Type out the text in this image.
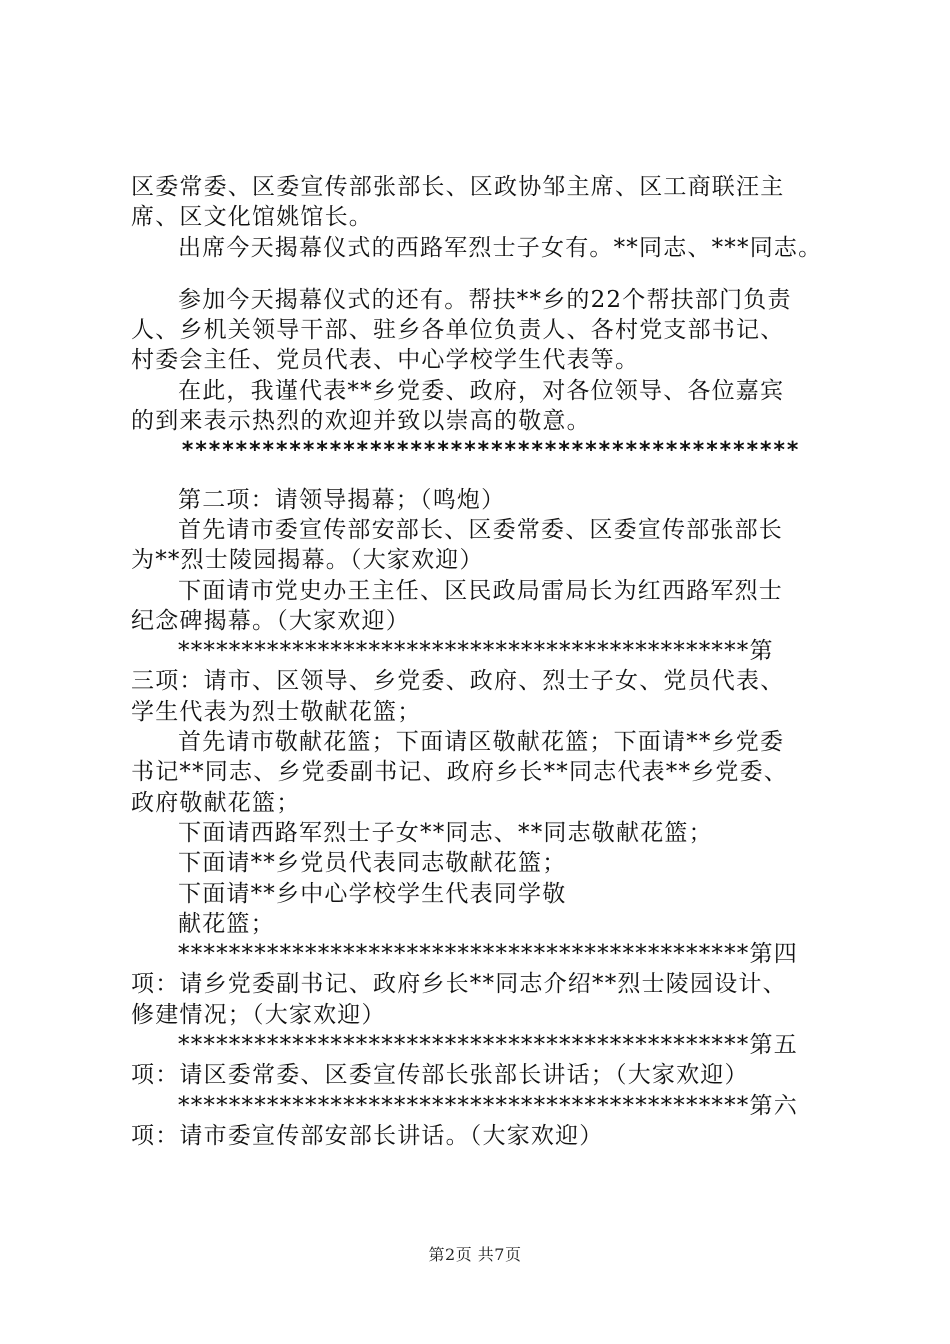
区委常委、区委宣传部张部长、区政协邹主席、区工商联汪主
席、区文化馆姚馆长。
出席今天揭幕仪式的西路军烈士子女有。**同志、***同志。
参加今天揭幕仪式的还有。帮扶**乡的22个帮扶部门负责
人、乡机关领导干部、驻乡各单位负责人、各村党支部书记、
村委会主任、党员代表、中心学校学生代表等。
在此，我谨代表**乡党委、政府，对各位领导、各位嘉宾
的到来表示热烈的欢迎并致以崇高的敬意。
**********************************************
第二项：请领导揭幕；（鸣炮）
首先请市委宣传部安部长、区委常委、区委宣传部张部长
为**烈士陵园揭幕。（大家欢迎）
下面请市党史办王主任、区民政局雷局长为红西路军烈士
纪念碑揭幕。（大家欢迎）
*********************************************第
三项：请市、区领导、乡党委、政府、烈士子女、党员代表、
学生代表为烈士敬献花篮；
首先请市敬献花篮；下面请区敬献花篮；下面请**乡党委
书记**同志、乡党委副书记、政府乡长**同志代表**乡党委、
政府敬献花篮；
下面请西路军烈士子女**同志、**同志敬献花篮；
下面请**乡党员代表同志敬献花篮；
下面请**乡中心学校学生代表同学敬
献花篮；
*********************************************第四
项：请乡党委副书记、政府乡长**同志介绍**烈士陵园设计、
修建情况；（大家欢迎）
*********************************************第五
项：请区委常委、区委宣传部长张部长讲话；（大家欢迎）
*********************************************第六
项：请市委宣传部安部长讲话。（大家欢迎）
第2页 共7页
